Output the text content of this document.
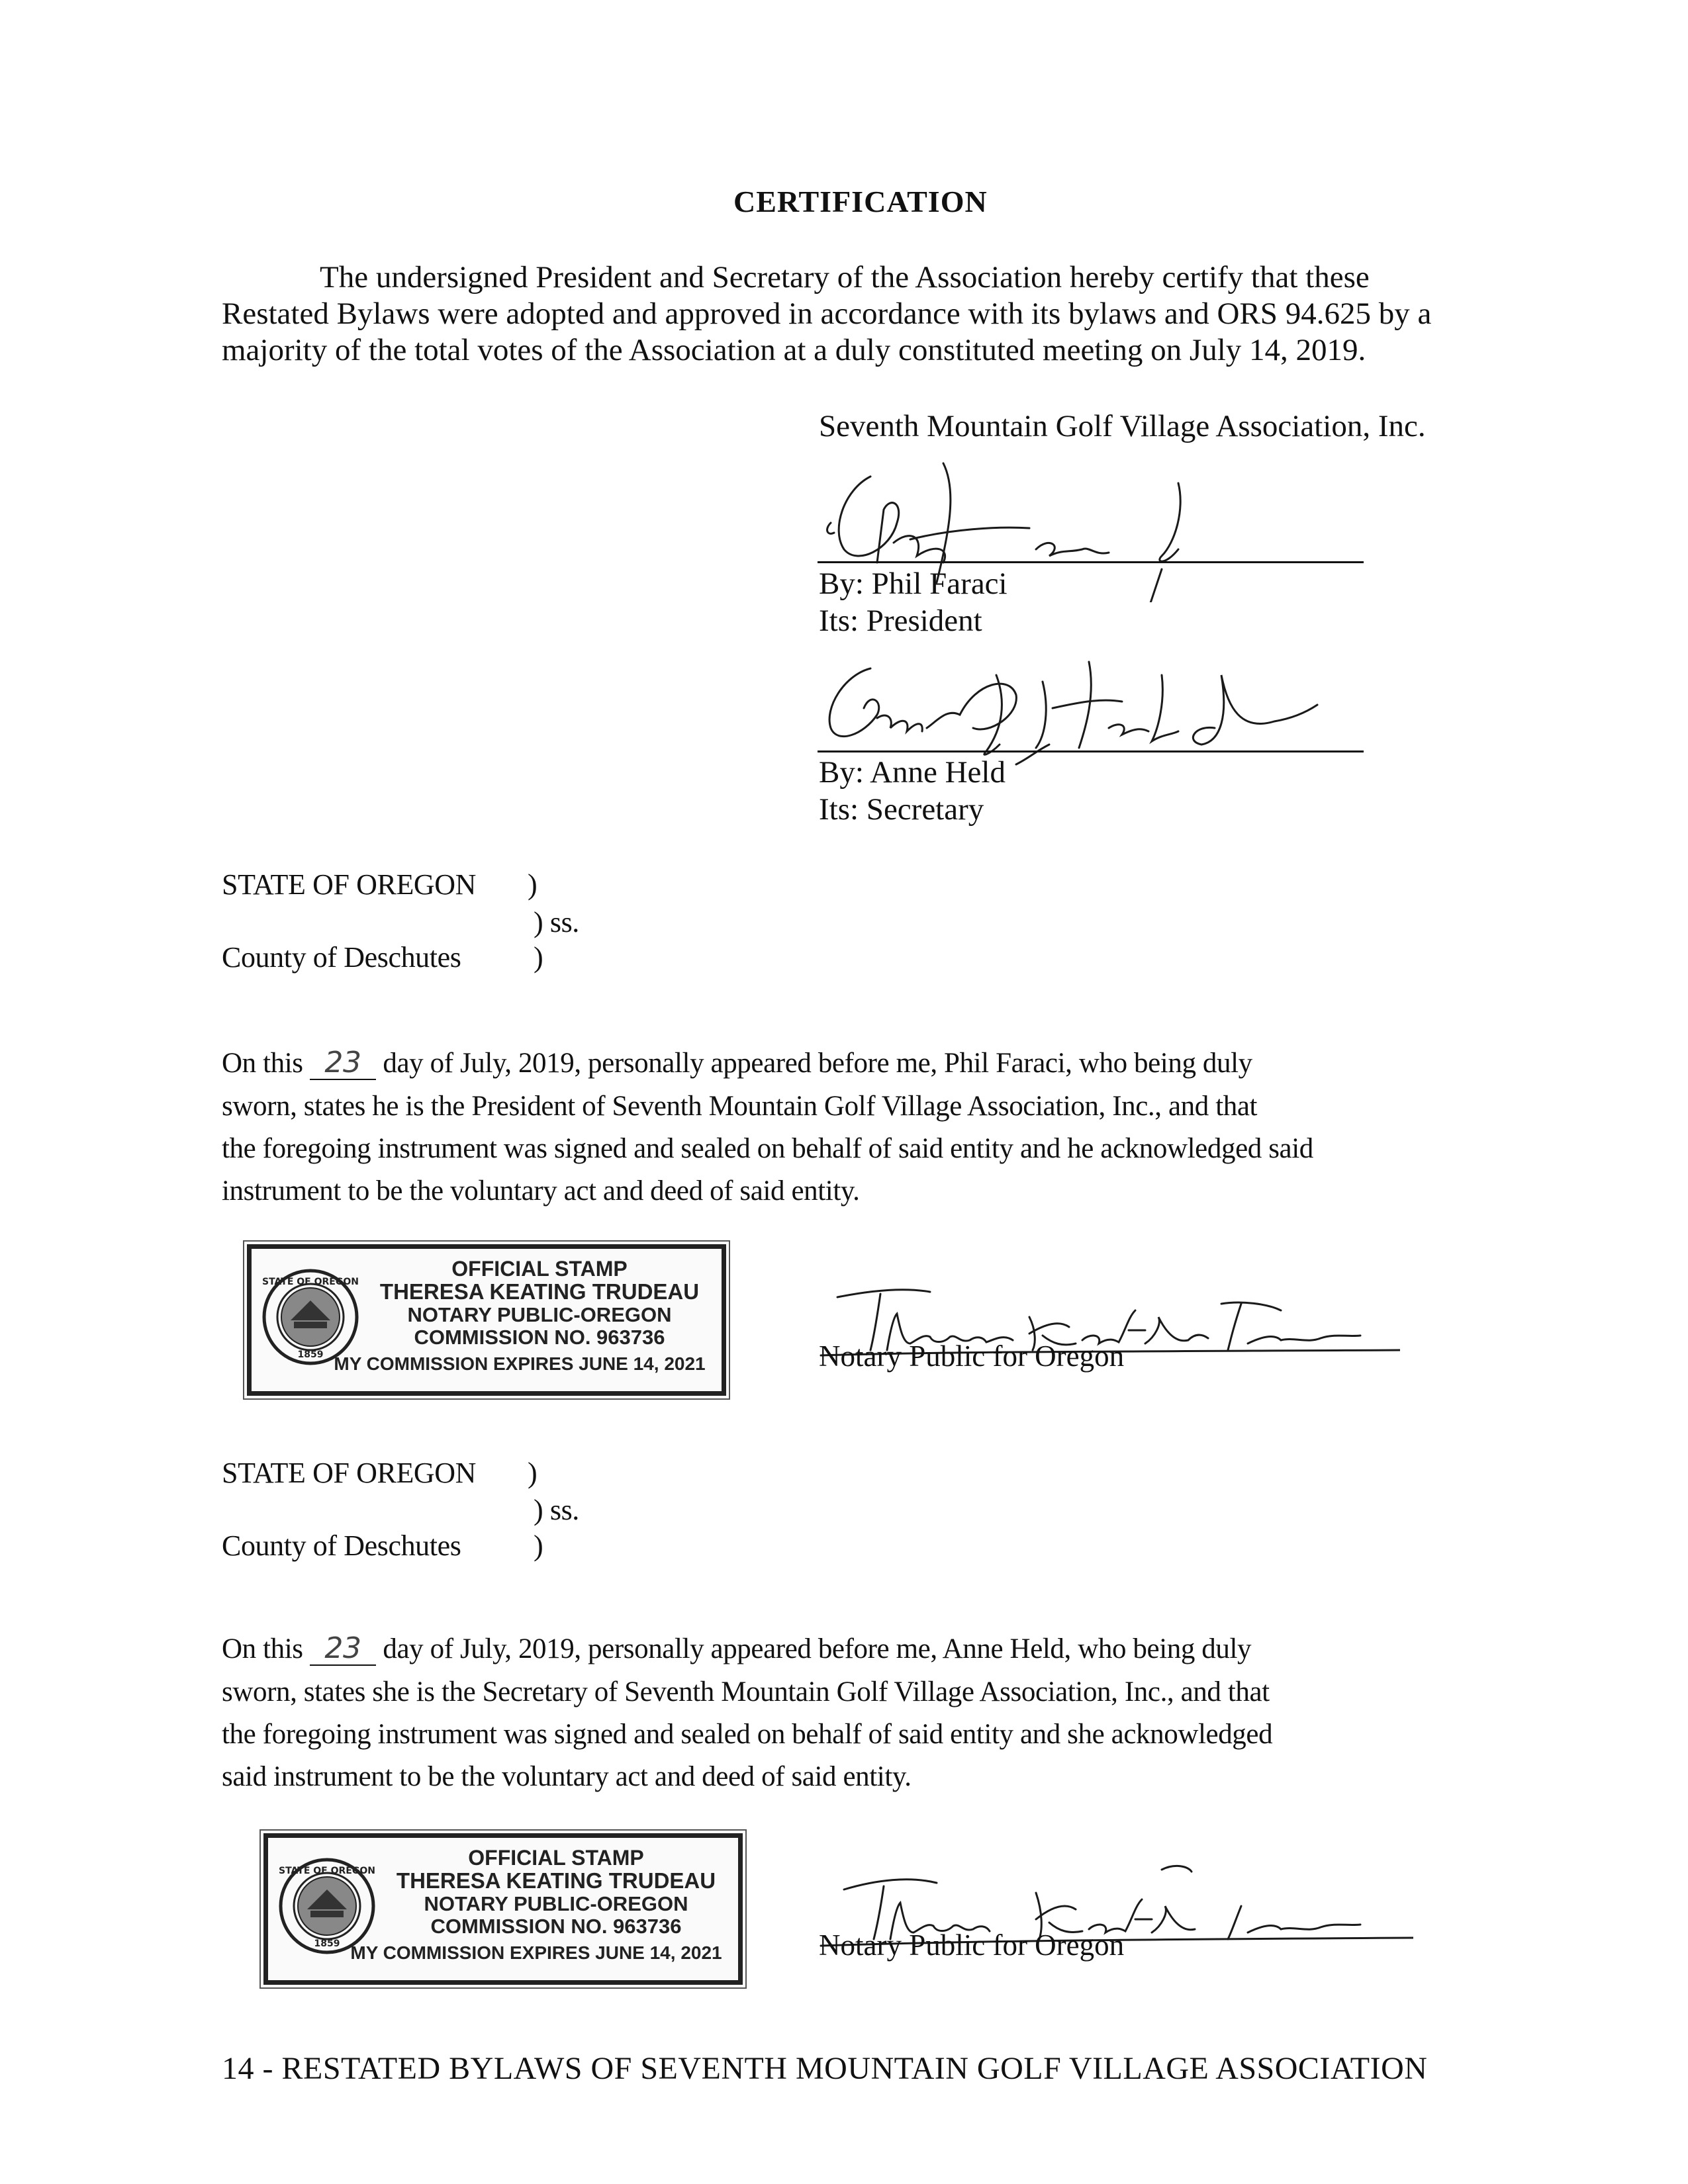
CERTIFICATION
The undersigned President and Secretary of the Association hereby certify that these
Restated Bylaws were adopted and approved in accordance with its bylaws and ORS 94.625 by a
majority of the total votes of the Association at a duly constituted meeting on July 14, 2019.
Seventh Mountain Golf Village Association, Inc.
By: Phil Faraci
Its: President
By: Anne Held
Its: Secretary
STATE OF OREGON )
) ss.
County of Deschutes )
On this 23 day of July, 2019, personally appeared before me, Phil Faraci, who being duly
sworn, states he is the President of Seventh Mountain Golf Village Association, Inc., and that
the foregoing instrument was signed and sealed on behalf of said entity and he acknowledged said
instrument to be the voluntary act and deed of said entity.
STATE OF OREGON
1859
OFFICIAL STAMP
THERESA KEATING TRUDEAU
NOTARY PUBLIC-OREGON
COMMISSION NO. 963736
MY COMMISSION EXPIRES JUNE 14, 2021	Notary Public for Oregon
STATE OF OREGON )
) ss.
County of Deschutes )
On this 23 day of July, 2019, personally appeared before me, Anne Held, who being duly
sworn, states she is the Secretary of Seventh Mountain Golf Village Association, Inc., and that
the foregoing instrument was signed and sealed on behalf of said entity and she acknowledged
said instrument to be the voluntary act and deed of said entity.
STATE OF OREGON
1859
OFFICIAL STAMP
THERESA KEATING TRUDEAU
NOTARY PUBLIC-OREGON
COMMISSION NO. 963736
MY COMMISSION EXPIRES JUNE 14, 2021	Notary Public for Oregon
14 - RESTATED BYLAWS OF SEVENTH MOUNTAIN GOLF VILLAGE ASSOCIATION
